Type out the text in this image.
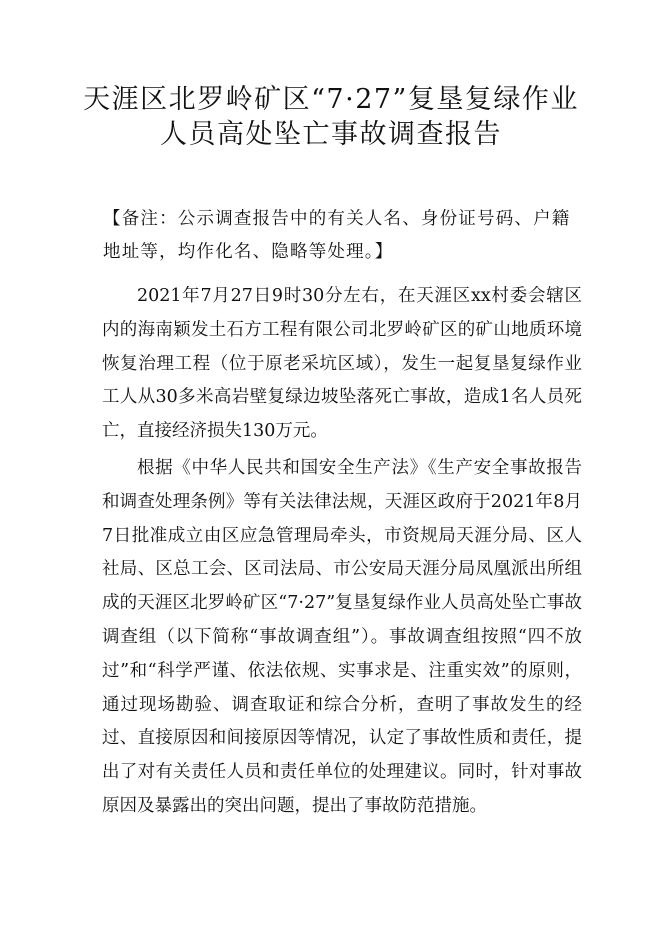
天涯区北罗岭矿区“7·27”复垦复绿作业
人员高处坠亡事故调查报告
【备注：公示调查报告中的有关人名、身份证号码、户籍地址等，均作化名、隐略等处理。】

2021年7月27日9时30分左右，在天涯区xx村委会辖区内的海南颖发土石方工程有限公司北罗岭矿区的矿山地质环境恢复治理工程（位于原老采坑区域），发生一起复垦复绿作业工人从30多米高岩壁复绿边坡坠落死亡事故，造成1名人员死亡，直接经济损失130万元。

根据《中华人民共和国安全生产法》《生产安全事故报告和调查处理条例》等有关法律法规，天涯区政府于2021年8月7日批准成立由区应急管理局牵头，市资规局天涯分局、区人社局、区总工会、区司法局、市公安局天涯分局凤凰派出所组成的天涯区北罗岭矿区“7·27”复垦复绿作业人员高处坠亡事故调查组（以下简称“事故调查组”）。事故调查组按照“四不放过”和“科学严谨、依法依规、实事求是、注重实效”的原则，通过现场勘验、调查取证和综合分析，查明了事故发生的经过、直接原因和间接原因等情况，认定了事故性质和责任，提出了对有关责任人员和责任单位的处理建议。同时，针对事故原因及暴露出的突出问题，提出了事故防范措施。
